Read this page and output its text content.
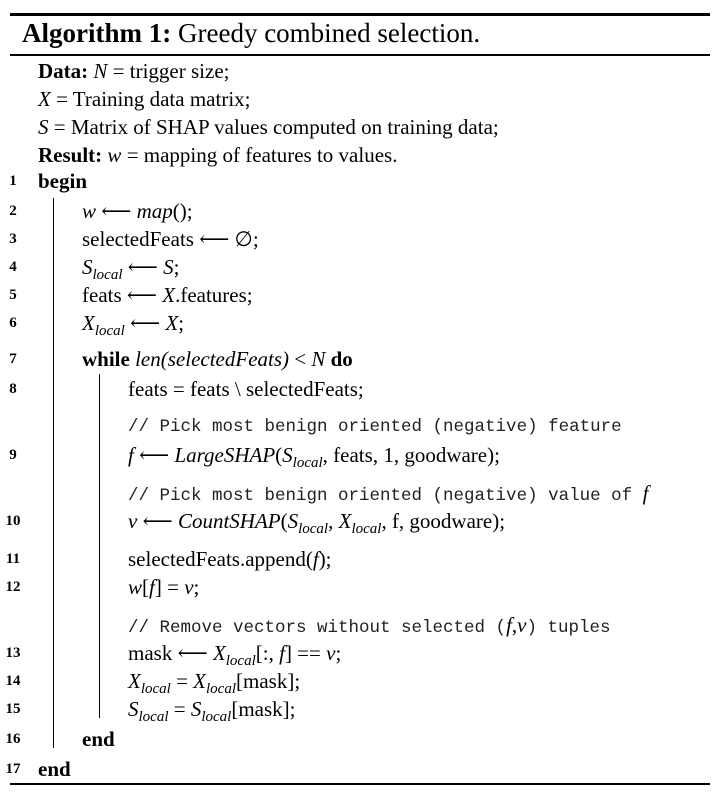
Algorithm 1: Greedy combined selection.
Data: N = trigger size;
X = Training data matrix;
S = Matrix of SHAP values computed on training data;
Result: w = mapping of features to values.
1	begin
2	w ⟵ map();
3	selectedFeats ⟵ ∅;
4	$S_{local}$ ⟵ S;
5	feats ⟵ X.features;
6	$X_{local}$ ⟵ X;
7	while len(selectedFeats) < N do
8	feats = feats \ selectedFeats;
// Pick most benign oriented (negative) feature
9	f ⟵ $LargeSHAP(S_{local}$, feats, 1, goodware);
// Pick most benign oriented (negative) value of f
10	v ⟵ $CountSHAP(S_{local}$, $X_{local}$, f, goodware);
11	selectedFeats.append(f);
12	w[f] = v;
// Remove vectors without selected (f,v) tuples
13	mask ⟵ $X_{local}$[:, f] == v;
14	$X_{local}$ = $X_{local}[mask]$;
15	$S_{local}$ = $S_{local}[mask]$;
16	end
17 end
